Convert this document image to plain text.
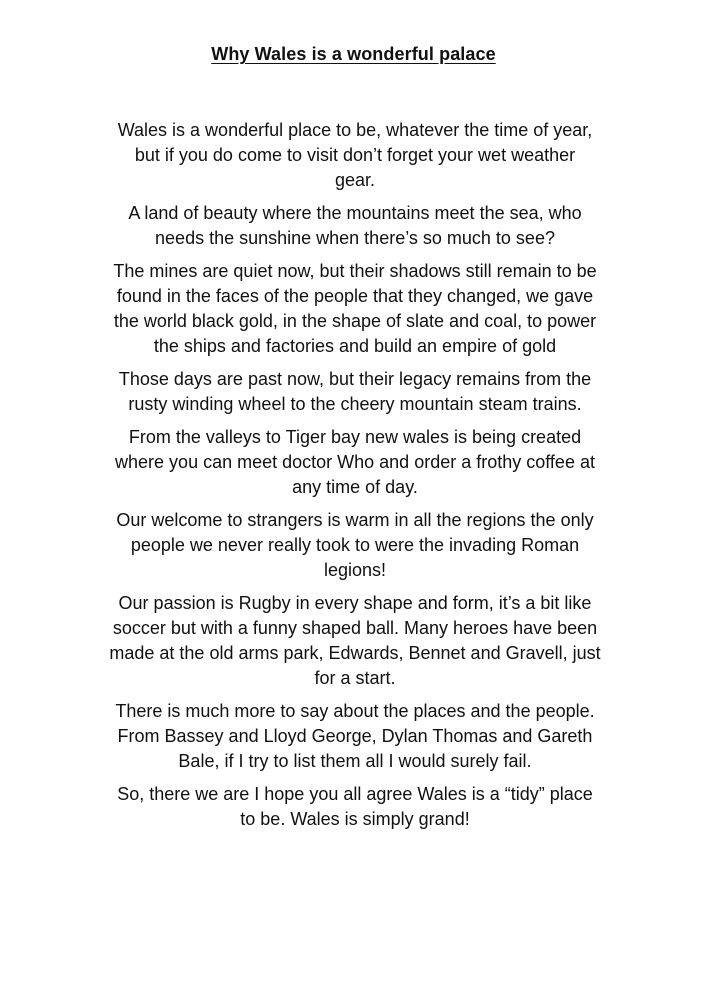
Why Wales is a wonderful palace

Wales is a wonderful place to be, whatever the time of year,
but if you do come to visit don’t forget your wet weather
gear.

A land of beauty where the mountains meet the sea, who
needs the sunshine when there’s so much to see?

The mines are quiet now, but their shadows still remain to be
found in the faces of the people that they changed, we gave
the world black gold, in the shape of slate and coal, to power
the ships and factories and build an empire of gold

Those days are past now, but their legacy remains from the
rusty winding wheel to the cheery mountain steam trains.

From the valleys to Tiger bay new wales is being created
where you can meet doctor Who and order a frothy coffee at
any time of day.

Our welcome to strangers is warm in all the regions the only
people we never really took to were the invading Roman
legions!

Our passion is Rugby in every shape and form, it’s a bit like
soccer but with a funny shaped ball. Many heroes have been
made at the old arms park, Edwards, Bennet and Gravell, just
for a start.

There is much more to say about the places and the people.
From Bassey and Lloyd George, Dylan Thomas and Gareth
Bale, if I try to list them all I would surely fail.

So, there we are I hope you all agree Wales is a “tidy” place
to be. Wales is simply grand!
